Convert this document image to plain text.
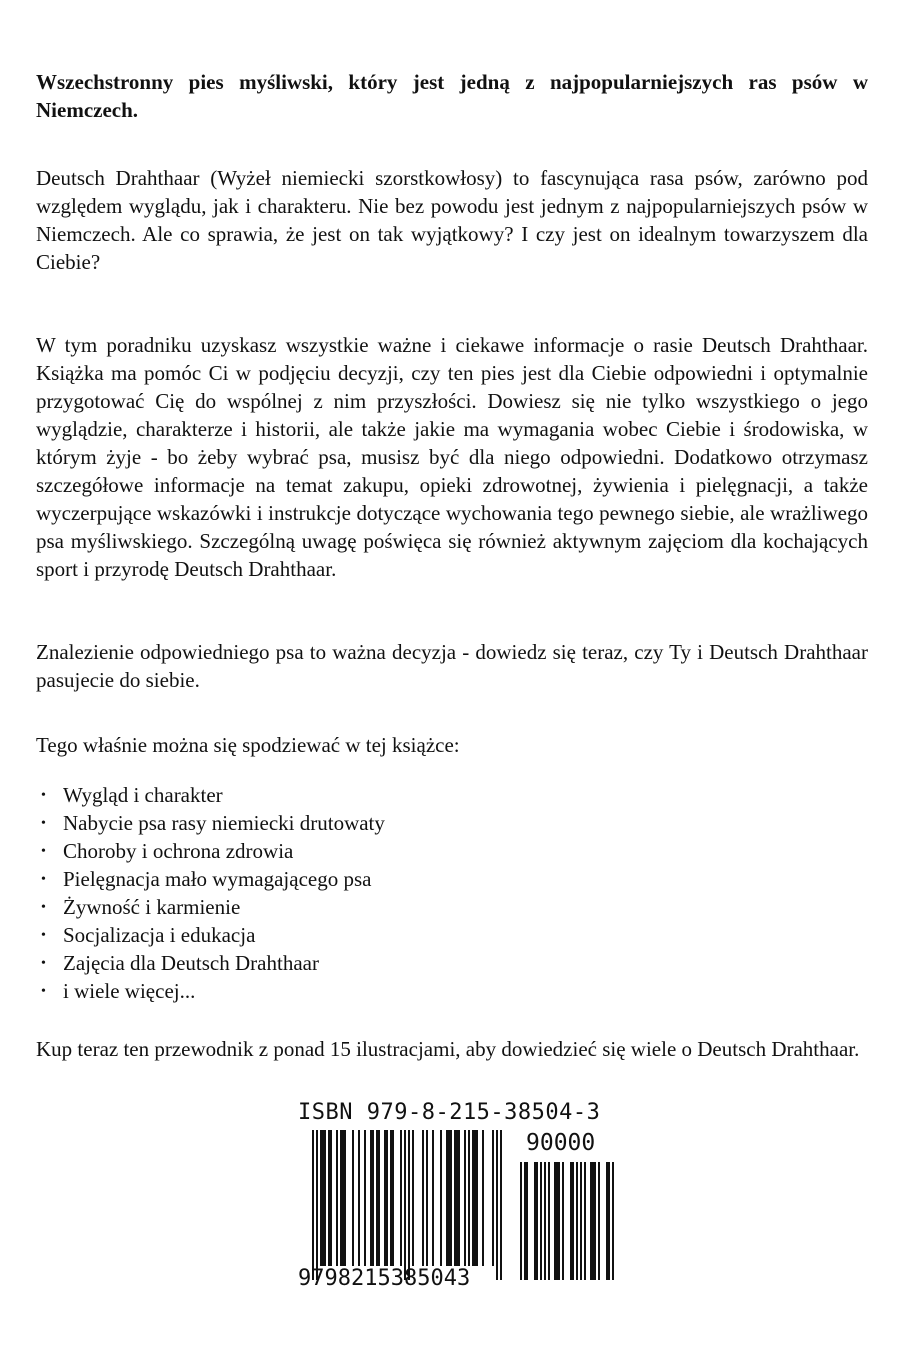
Wszechstronny pies myśliwski, który jest jedną z najpopularniejszych ras psów w Niemczech.

Deutsch Drahthaar (Wyżeł niemiecki szorstkowłosy) to fascynująca rasa psów, zarówno pod względem wyglądu, jak i charakteru. Nie bez powodu jest jednym z najpopularniejszych psów w Niemczech. Ale co sprawia, że jest on tak wyjątkowy? I czy jest on idealnym towarzyszem dla Ciebie?

W tym poradniku uzyskasz wszystkie ważne i ciekawe informacje o rasie Deutsch Drahthaar. Książka ma pomóc Ci w podjęciu decyzji, czy ten pies jest dla Ciebie odpowiedni i optymalnie przygotować Cię do wspólnej z nim przyszłości. Dowiesz się nie tylko wszystkiego o jego wyglądzie, charakterze i historii, ale także jakie ma wymagania wobec Ciebie i środowiska, w którym żyje - bo żeby wybrać psa, musisz być dla niego odpowiedni. Dodatkowo otrzymasz szczegółowe informacje na temat zakupu, opieki zdrowotnej, żywienia i pielęgnacji, a także wyczerpujące wskazówki i instrukcje dotyczące wychowania tego pewnego siebie, ale wrażliwego psa myśliwskiego. Szczególną uwagę poświęca się również aktywnym zajęciom dla kochających sport i przyrodę Deutsch Drahthaar.

Znalezienie odpowiedniego psa to ważna decyzja - dowiedz się teraz, czy Ty i Deutsch Drahthaar pasujecie do siebie.

Tego właśnie można się spodziewać w tej książce:

• Wygląd i charakter
• Nabycie psa rasy niemiecki drutowaty
• Choroby i ochrona zdrowia
• Pielęgnacja mało wymagającego psa
• Żywność i karmienie
• Socjalizacja i edukacja
• Zajęcia dla Deutsch Drahthaar
• i wiele więcej...

Kup teraz ten przewodnik z ponad 15 ilustracjami, aby dowiedzieć się wiele o Deutsch Drahthaar.

ISBN 979-8-215-38504-3
90000
9798215385043
